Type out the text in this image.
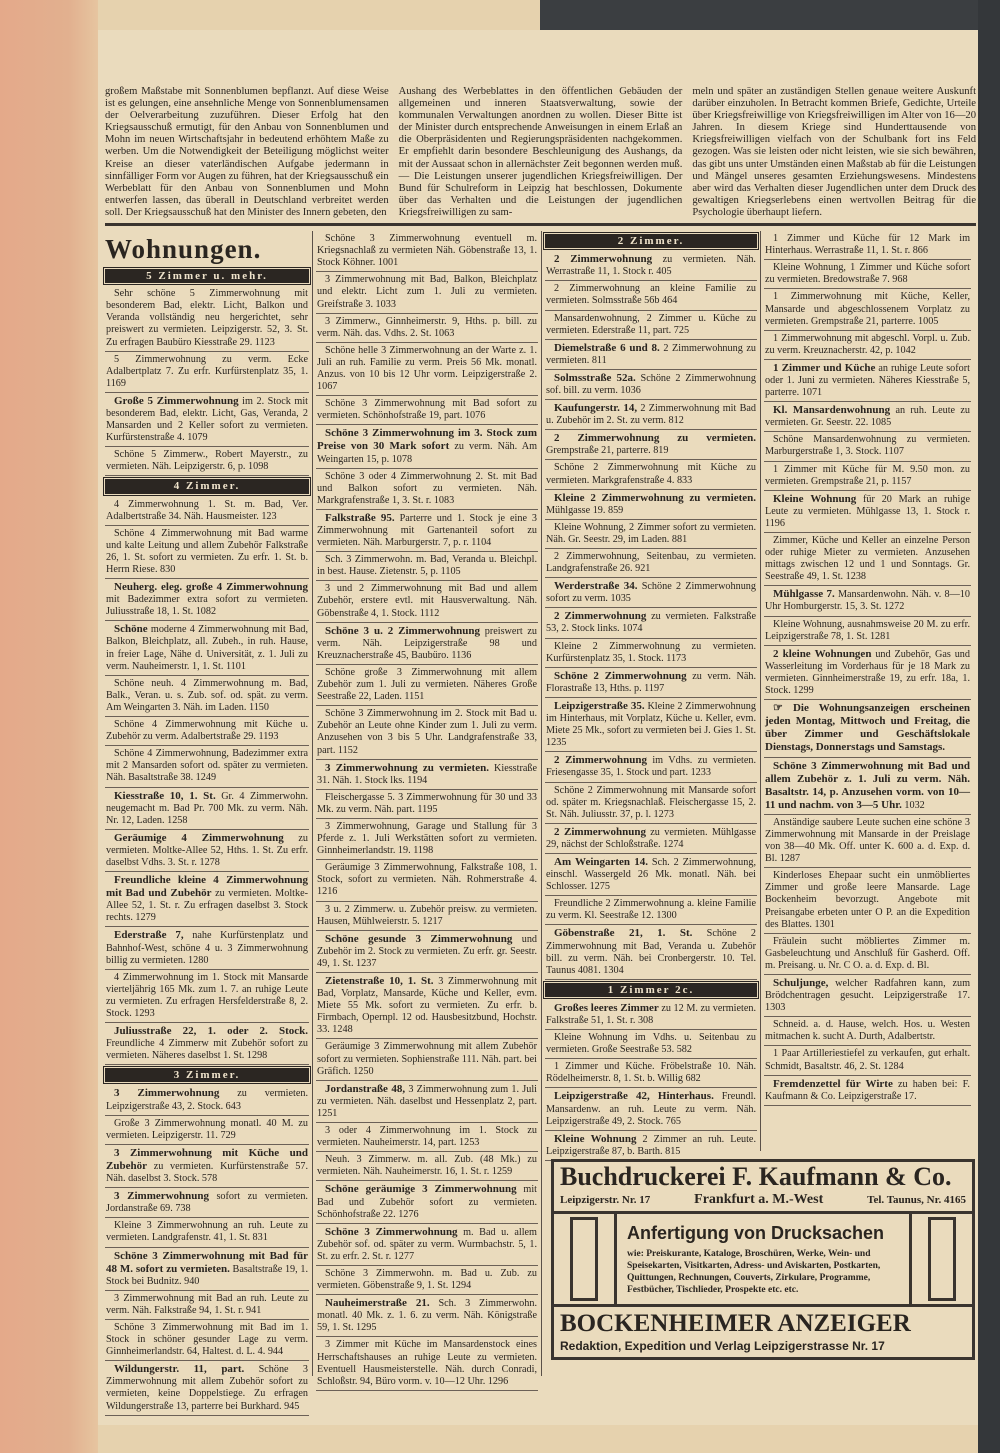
großem Maßstabe mit Sonnenblumen bepflanzt. Auf diese Weise ist es gelungen, eine ansehnliche Menge von Sonnenblumensamen der Oelverarbeitung zuzuführen. Dieser Erfolg hat den Kriegsausschuß ermutigt, für den Anbau von Sonnenblumen und Mohn im neuen Wirtschaftsjahr in bedeutend erhöhtem Maße zu werben. Um die Notwendigkeit der Beteiligung möglichst weiter Kreise an dieser vaterländischen Aufgabe jedermann in sinnfälliger Form vor Augen zu führen, hat der Kriegsausschuß ein Werbeblatt für den Anbau von Sonnenblumen und Mohn entwerfen lassen, das überall in Deutschland verbreitet werden soll. Der Kriegsausschuß hat den Minister des Innern gebeten, den

Aushang des Werbeblattes in den öffentlichen Gebäuden der allgemeinen und inneren Staatsverwaltung, sowie der kommunalen Verwaltungen anordnen zu wollen. Dieser Bitte ist der Minister durch entsprechende Anweisungen in einem Erlaß an die Oberpräsidenten und Regierungspräsidenten nachgekommen. Er empfiehlt darin besondere Beschleunigung des Aushangs, da mit der Aussaat schon in allernächster Zeit begonnen werden muß. — Die Leistungen unserer jugendlichen Kriegsfreiwilligen. Der Bund für Schulreform in Leipzig hat beschlossen, Dokumente über das Verhalten und die Leistungen der jugendlichen Kriegsfreiwilligen zu sam-

meln und später an zuständigen Stellen genaue weitere Auskunft darüber einzuholen. In Betracht kommen Briefe, Gedichte, Urteile über Kriegsfreiwillige von Kriegsfreiwilligen im Alter von 16—20 Jahren. In diesem Kriege sind Hunderttausende von Kriegsfreiwilligen vielfach von der Schulbank fort ins Feld gezogen. Was sie leisten oder nicht leisten, wie sie sich bewähren, das gibt uns unter Umständen einen Maßstab ab für die Leistungen und Mängel unseres gesamten Erziehungswesens. Mindestens aber wird das Verhalten dieser Jugendlichen unter dem Druck des gewaltigen Kriegserlebens einen wertvollen Beitrag für die Psychologie überhaupt liefern.

Wohnungen.
5 Zimmer u. mehr.
Sehr schöne 5 Zimmerwohnung mit besonderem Bad, elektr. Licht, Balkon und Veranda vollständig neu hergerichtet, sehr preiswert zu vermieten. Leipzigerstr. 52, 3. St. Zu erfragen Baubüro Kiesstraße 29. 1123
5 Zimmerwohnung zu verm. Ecke Adalbertplatz 7. Zu erfr. Kurfürstenplatz 35, 1. 1169
Große 5 Zimmerwohnung im 2. Stock mit besonderem Bad, elektr. Licht, Gas, Veranda, 2 Mansarden und 2 Keller sofort zu vermieten. Kurfürstenstraße 4. 1079
Schöne 5 Zimmerw., Robert Mayerstr., zu vermieten. Näh. Leipzigerstr. 6, p. 1098
4 Zimmer.
4 Zimmerwohnung 1. St. m. Bad, Ver. Adalbertstraße 34. Näh. Hausmeister. 123
Schöne 4 Zimmerwohnung mit Bad warme und kalte Leitung und allem Zubehör Falkstraße 26, 1. St. sofort zu vermieten. Zu erfr. 1. St. b. Herrn Riese. 830
Neuherg. eleg. große 4 Zimmerwohnung mit Badezimmer extra sofort zu vermieten. Juliusstraße 18, 1. St. 1082
Schöne moderne 4 Zimmerwohnung mit Bad, Balkon, Bleichplatz, all. Zubeh., in ruh. Hause, in freier Lage, Nähe d. Universität, z. 1. Juli zu verm. Nauheimerstr. 1, 1. St. 1101
Schöne neuh. 4 Zimmerwohnung m. Bad, Balk., Veran. u. s. Zub. sof. od. spät. zu verm. Am Weingarten 3. Näh. im Laden. 1150
Schöne 4 Zimmerwohnung mit Küche u. Zubehör zu verm. Adalbertstraße 29. 1193
Schöne 4 Zimmerwohnung, Badezimmer extra mit 2 Mansarden sofort od. später zu vermieten. Näh. Basaltstraße 38. 1249
Kiesstraße 10, 1. St. Gr. 4 Zimmerwohn. neugemacht m. Bad Pr. 700 Mk. zu verm. Näh. Nr. 12, Laden. 1258
Geräumige 4 Zimmerwohnung zu vermieten. Moltke-Allee 52, Hths. 1. St. Zu erfr. daselbst Vdhs. 3. St. r. 1278
Freundliche kleine 4 Zimmerwohnung mit Bad und Zubehör zu vermieten. Moltke-Allee 52, 1. St. r. Zu erfragen daselbst 3. Stock rechts. 1279
Ederstraße 7, nahe Kurfürstenplatz und Bahnhof-West, schöne 4 u. 3 Zimmerwohnung billig zu vermieten. 1280
4 Zimmerwohnung im 1. Stock mit Mansarde vierteljährig 165 Mk. zum 1. 7. an ruhige Leute zu vermieten. Zu erfragen Hersfelderstraße 8, 2. Stock. 1293
Juliusstraße 22, 1. oder 2. Stock. Freundliche 4 Zimmerw mit Zubehör sofort zu vermieten. Näheres daselbst 1. St. 1298
3 Zimmer.
3 Zimmerwohnung zu vermieten. Leipzigerstraße 43, 2. Stock. 643
Große 3 Zimmerwohnung monatl. 40 M. zu vermieten. Leipzigerstr. 11. 729
3 Zimmerwohnung mit Küche und Zubehör zu vermieten. Kurfürstenstraße 57. Näh. daselbst 3. Stock. 578
3 Zimmerwohnung sofort zu vermieten. Jordanstraße 69. 738
Kleine 3 Zimmerwohnung an ruh. Leute zu vermieten. Landgrafenstr. 41, 1. St. 831
Schöne 3 Zimmerwohnung mit Bad für 48 M. sofort zu vermieten. Basaltstraße 19, 1. Stock bei Budnitz. 940
3 Zimmerwohnung mit Bad an ruh. Leute zu verm. Näh. Falkstraße 94, 1. St. r. 941
Schöne 3 Zimmerwohnung mit Bad im 1. Stock in schöner gesunder Lage zu verm. Ginnheimerlandstr. 64, Haltest. d. L. 4. 944
Wildungerstr. 11, part. Schöne 3 Zimmerwohnung mit allem Zubehör sofort zu vermieten, keine Doppelstiege. Zu erfragen Wildungerstraße 13, parterre bei Burkhard. 945
Schöne 3 Zimmerwohnung eventuell m. Kriegsnachlaß zu vermieten Näh. Göbenstraße 13, 1. Stock Köhner. 1001
3 Zimmerwohnung mit Bad, Balkon, Bleichplatz und elektr. Licht zum 1. Juli zu vermieten. Greifstraße 3. 1033
3 Zimmerw., Ginnheimerstr. 9, Hths. p. bill. zu verm. Näh. das. Vdhs. 2. St. 1063
Schöne helle 3 Zimmerwohnung an der Warte z. 1. Juli an ruh. Familie zu verm. Preis 56 Mk. monatl. Anzus. von 10 bis 12 Uhr vorm. Leipzigerstraße 2. 1067
Schöne 3 Zimmerwohnung mit Bad sofort zu vermieten. Schönhofstraße 19, part. 1076
Schöne 3 Zimmerwohnung im 3. Stock zum Preise von 30 Mark sofort zu verm. Näh. Am Weingarten 15, p. 1078
Schöne 3 oder 4 Zimmerwohnung 2. St. mit Bad und Balkon sofort zu vermieten. Näh. Markgrafenstraße 1, 3. St. r. 1083
Falkstraße 95. Parterre und 1. Stock je eine 3 Zimmerwohnung mit Gartenanteil sofort zu vermieten. Näh. Marburgerstr. 7, p. r. 1104
Sch. 3 Zimmerwohn. m. Bad, Veranda u. Bleichpl. in best. Hause. Zietenstr. 5, p. 1105
3 und 2 Zimmerwohnung mit Bad und allem Zubehör, erstere evtl. mit Hausverwaltung. Näh. Göbenstraße 4, 1. Stock. 1112
Schöne 3 u. 2 Zimmerwohnung preiswert zu verm. Näh. Leipzigerstraße 98 und Kreuznacherstraße 45, Baubüro. 1136
Schöne große 3 Zimmerwohnung mit allem Zubehör zum 1. Juli zu vermieten. Näheres Große Seestraße 22, Laden. 1151
Schöne 3 Zimmerwohnung im 2. Stock mit Bad u. Zubehör an Leute ohne Kinder zum 1. Juli zu verm. Anzusehen von 3 bis 5 Uhr. Landgrafenstraße 33, part. 1152
3 Zimmerwohnung zu vermieten. Kiesstraße 31. Näh. 1. Stock lks. 1194
Fleischergasse 5. 3 Zimmerwohnung für 30 und 33 Mk. zu verm. Näh. part. 1195
3 Zimmerwohnung, Garage und Stallung für 3 Pferde z. 1. Juli Werkstätten sofort zu vermieten. Ginnheimerlandstr. 19. 1198
Geräumige 3 Zimmerwohnung, Falkstraße 108, 1. Stock, sofort zu vermieten. Näh. Rohmerstraße 4. 1216
3 u. 2 Zimmerw. u. Zubehör preisw. zu vermieten. Hausen, Mühlweierstr. 5. 1217
Schöne gesunde 3 Zimmerwohnung und Zubehör im 2. Stock zu vermieten. Zu erfr. gr. Seestr. 49, 1. St. 1237
Zietenstraße 10, 1. St. 3 Zimmerwohnung mit Bad, Vorplatz, Mansarde, Küche und Keller, evm. Miete 55 Mk. sofort zu vermieten. Zu erfr. b. Firmbach, Opernpl. 12 od. Hausbesitzbund, Hochstr. 33. 1248
Geräumige 3 Zimmerwohnung mit allem Zubehör sofort zu vermieten. Sophienstraße 111. Näh. part. bei Gräfich. 1250
Jordanstraße 48, 3 Zimmerwohnung zum 1. Juli zu vermieten. Näh. daselbst und Hessenplatz 2, part. 1251
3 oder 4 Zimmerwohnung im 1. Stock zu vermieten. Nauheimerstr. 14, part. 1253
Neuh. 3 Zimmerw. m. all. Zub. (48 Mk.) zu vermieten. Näh. Nauheimerstr. 16, 1. St. r. 1259
Schöne geräumige 3 Zimmerwohnung mit Bad und Zubehör sofort zu vermieten. Schönhofstraße 22. 1276
Schöne 3 Zimmerwohnung m. Bad u. allem Zubehör sof. od. später zu verm. Wurmbachstr. 5, 1. St. zu erfr. 2. St. r. 1277
Schöne 3 Zimmerwohn. m. Bad u. Zub. zu vermieten. Göbenstraße 9, 1. St. 1294
Nauheimerstraße 21. Sch. 3 Zimmerwohn. monatl. 40 Mk. z. 1. 6. zu verm. Näh. Königstraße 59, 1. St. 1295
3 Zimmer mit Küche im Mansardenstock eines Herrschaftshauses an ruhige Leute zu vermieten. Eventuell Hausmeisterstelle. Näh. durch Conradi, Schloßstr. 94, Büro vorm. v. 10—12 Uhr. 1296
2 Zimmer.
2 Zimmerwohnung zu vermieten. Näh. Werrastraße 11, 1. Stock r. 405
2 Zimmerwohnung an kleine Familie zu vermieten. Solmsstraße 56b 464
Mansardenwohnung, 2 Zimmer u. Küche zu vermieten. Ederstraße 11, part. 725
Diemelstraße 6 und 8. 2 Zimmerwohnung zu vermieten. 811
Solmsstraße 52a. Schöne 2 Zimmerwohnung sof. bill. zu verm. 1036
Kaufungerstr. 14, 2 Zimmerwohnung mit Bad u. Zubehör im 2. St. zu verm. 812
2 Zimmerwohnung zu vermieten. Grempstraße 21, parterre. 819
Schöne 2 Zimmerwohnung mit Küche zu vermieten. Markgrafenstraße 4. 833
Kleine 2 Zimmerwohnung zu vermieten. Mühlgasse 19. 859
Kleine Wohnung, 2 Zimmer sofort zu vermieten. Näh. Gr. Seestr. 29, im Laden. 881
2 Zimmerwohnung, Seitenbau, zu vermieten. Landgrafenstraße 26. 921
Werderstraße 34. Schöne 2 Zimmerwohnung sofort zu verm. 1035
2 Zimmerwohnung zu vermieten. Falkstraße 53, 2. Stock links. 1074
Kleine 2 Zimmerwohnung zu vermieten. Kurfürstenplatz 35, 1. Stock. 1173
Schöne 2 Zimmerwohnung zu verm. Näh. Florastraße 13, Hths. p. 1197
Leipzigerstraße 35. Kleine 2 Zimmerwohnung im Hinterhaus, mit Vorplatz, Küche u. Keller, evm. Miete 25 Mk., sofort zu vermieten bei J. Gies 1. St. 1235
2 Zimmerwohnung im Vdhs. zu vermieten. Friesengasse 35, 1. Stock und part. 1233
Schöne 2 Zimmerwohnung mit Mansarde sofort od. später m. Kriegsnachlaß. Fleischergasse 15, 2. St. Näh. Juliusstr. 37, p. l. 1273
2 Zimmerwohnung zu vermieten. Mühlgasse 29, nächst der Schloßstraße. 1274
Am Weingarten 14. Sch. 2 Zimmerwohnung, einschl. Wassergeld 26 Mk. monatl. Näh. bei Schlosser. 1275
Freundliche 2 Zimmerwohnung a. kleine Familie zu verm. Kl. Seestraße 12. 1300
Göbenstraße 21, 1. St. Schöne 2 Zimmerwohnung mit Bad, Veranda u. Zubehör bill. zu verm. Näh. bei Cronbergerstr. 10. Tel. Taunus 4081. 1304
1 Zimmer 2c.
Großes leeres Zimmer zu 12 M. zu vermieten. Falkstraße 51, 1. St. r. 308
Kleine Wohnung im Vdhs. u. Seitenbau zu vermieten. Große Seestraße 53. 582
1 Zimmer und Küche. Fröbelstraße 10. Näh. Rödelheimerstr. 8, 1. St. b. Willig 682
Leipzigerstraße 42, Hinterhaus. Freundl. Mansardenw. an ruh. Leute zu verm. Näh. Leipzigerstraße 49, 2. Stock. 765
Kleine Wohnung 2 Zimmer an ruh. Leute. Leipzigerstraße 87, b. Barth. 815
1 Zimmer und Küche für 12 Mark im Hinterhaus. Werrastraße 11, 1. St. r. 866
Kleine Wohnung, 1 Zimmer und Küche sofort zu vermieten. Bredowstraße 7. 968
1 Zimmerwohnung mit Küche, Keller, Mansarde und abgeschlossenem Vorplatz zu vermieten. Grempstraße 21, parterre. 1005
1 Zimmerwohnung mit abgeschl. Vorpl. u. Zub. zu verm. Kreuznacherstr. 42, p. 1042
1 Zimmer und Küche an ruhige Leute sofort oder 1. Juni zu vermieten. Näheres Kiesstraße 5, parterre. 1071
Kl. Mansardenwohnung an ruh. Leute zu vermieten. Gr. Seestr. 22. 1085
Schöne Mansardenwohnung zu vermieten. Marburgerstraße 1, 3. Stock. 1107
1 Zimmer mit Küche für M. 9.50 mon. zu vermieten. Grempstraße 21, p. 1157
Kleine Wohnung für 20 Mark an ruhige Leute zu vermieten. Mühlgasse 13, 1. Stock r. 1196
Zimmer, Küche und Keller an einzelne Person oder ruhige Mieter zu vermieten. Anzusehen mittags zwischen 12 und 1 und Sonntags. Gr. Seestraße 49, 1. St. 1238
Mühlgasse 7. Mansardenwohn. Näh. v. 8—10 Uhr Homburgerstr. 15, 3. St. 1272
Kleine Wohnung, ausnahmsweise 20 M. zu erfr. Leipzigerstraße 78, 1. St. 1281
2 kleine Wohnungen und Zubehör, Gas und Wasserleitung im Vorderhaus für je 18 Mark zu vermieten. Ginnheimerstraße 19, zu erfr. 18a, 1. Stock. 1299
☞ Die Wohnungsanzeigen erscheinen jeden Montag, Mittwoch und Freitag, die über Zimmer und Geschäftslokale Dienstags, Donnerstags und Samstags.
Schöne 3 Zimmerwohnung mit Bad und allem Zubehör z. 1. Juli zu verm. Näh. Basaltstr. 14, p. Anzusehen vorm. von 10—11 und nachm. von 3—5 Uhr. 1032
Anständige saubere Leute suchen eine schöne 3 Zimmerwohnung mit Mansarde in der Preislage von 38—40 Mk. Off. unter K. 600 a. d. Exp. d. Bl. 1287
Kinderloses Ehepaar sucht ein unmöbliertes Zimmer und große leere Mansarde. Lage Bockenheim bevorzugt. Angebote mit Preisangabe erbeten unter O P. an die Expedition des Blattes. 1301
Fräulein sucht möbliertes Zimmer m. Gasbeleuchtung und Anschluß für Gasherd. Off. m. Preisang. u. Nr. C O. a. d. Exp. d. Bl.
Schuljunge, welcher Radfahren kann, zum Brödchentragen gesucht. Leipzigerstraße 17. 1303
Schneid. a. d. Hause, welch. Hos. u. Westen mitmachen k. sucht A. Durth, Adalbertstr.
1 Paar Artilleriestiefel zu verkaufen, gut erhalt. Schmidt, Basaltstr. 46, 2. St. 1284
Fremdenzettel für Wirte zu haben bei: F. Kaufmann & Co. Leipzigerstraße 17.
Buchdruckerei F. Kaufmann & Co.
Leipzigerstr. Nr. 17	Frankfurt a. M.-West	Tel. Taunus, Nr. 4165
Anfertigung von Drucksachen
wie: Preiskurante, Kataloge, Broschüren, Werke, Wein- und Speisekarten, Visitkarten, Adress- und Aviskarten, Postkarten, Quittungen, Rechnungen, Couverts, Zirkulare, Programme, Festbücher, Tischlieder, Prospekte etc. etc.
BOCKENHEIMER ANZEIGER
Redaktion, Expedition und Verlag Leipzigerstrasse Nr. 17
